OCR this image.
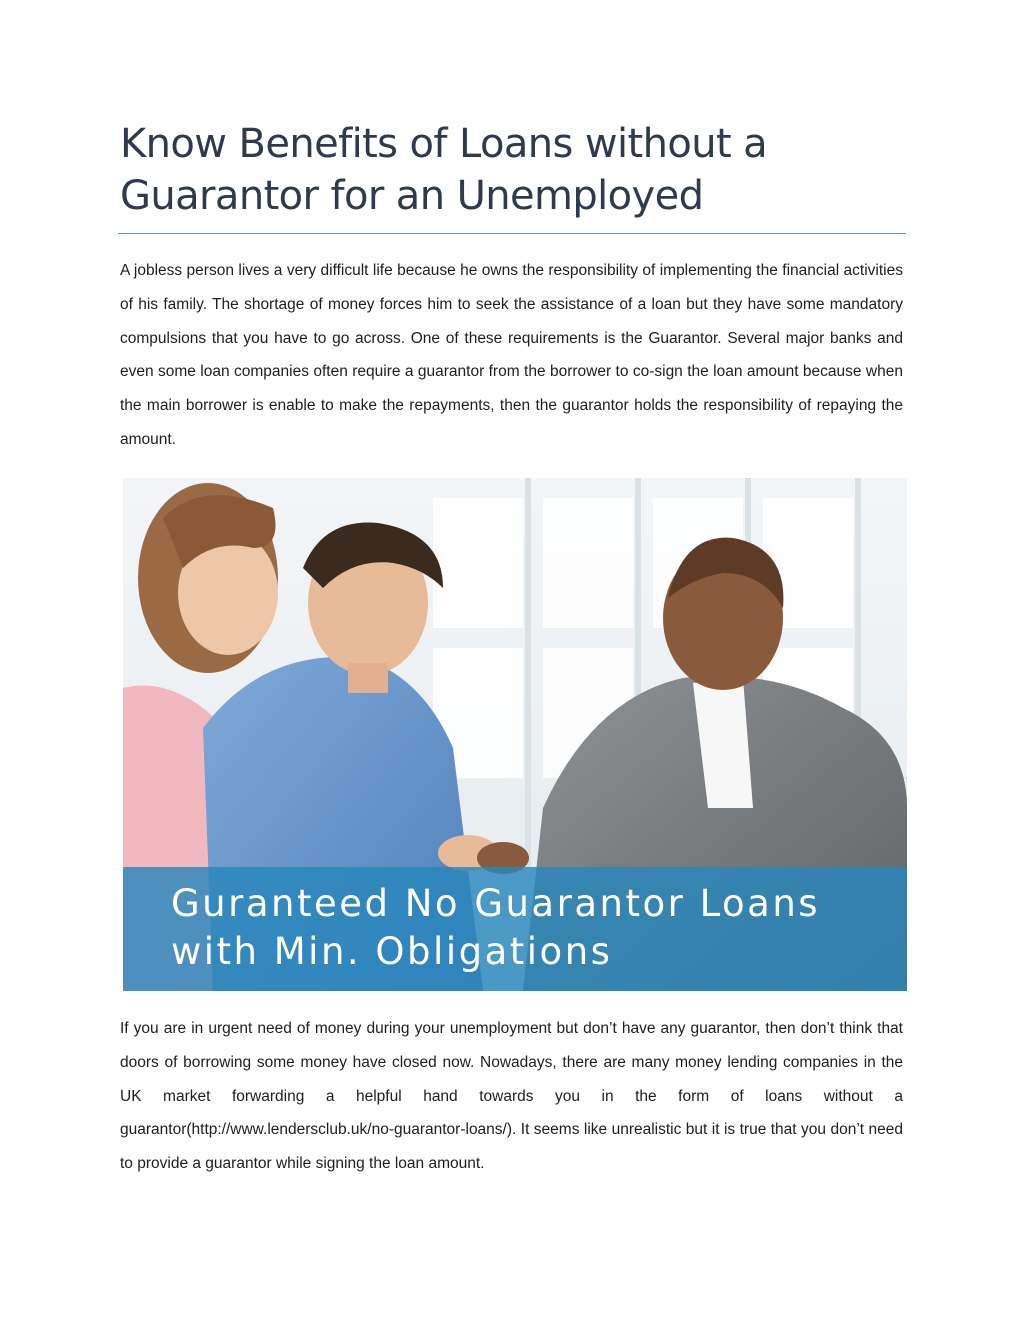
Know Benefits of Loans without a Guarantor for an Unemployed

A jobless person lives a very difficult life because he owns the responsibility of implementing the financial activities of his family. The shortage of money forces him to seek the assistance of a loan but they have some mandatory compulsions that you have to go across. One of these requirements is the Guarantor. Several major banks and even some loan companies often require a guarantor from the borrower to co-sign the loan amount because when the main borrower is enable to make the repayments, then the guarantor holds the responsibility of repaying the amount.

Guranteed No Guarantor Loans
with Min. Obligations

If you are in urgent need of money during your unemployment but don’t have any guarantor, then don’t think that doors of borrowing some money have closed now. Nowadays, there are many money lending companies in the UK market forwarding a helpful hand towards you in the form of loans without a guarantor(http://www.lendersclub.uk/no-guarantor-loans/). It seems like unrealistic but it is true that you don’t need to provide a guarantor while signing the loan amount.
